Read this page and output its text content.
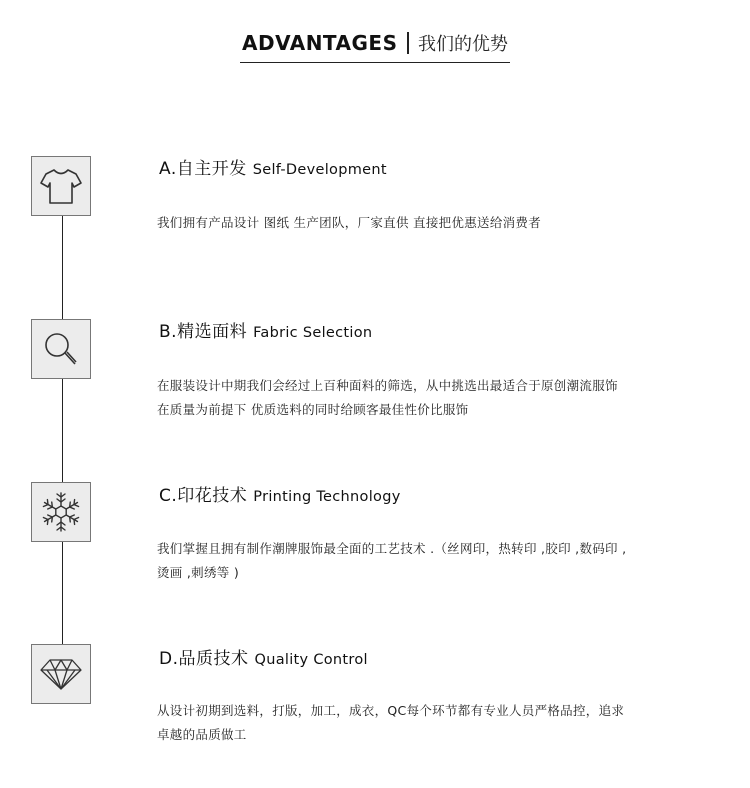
ADVANTAGES 我们的优势
A.自主开发 Self-Development
我们拥有产品设计 图纸 生产团队，厂家直供 直接把优惠送给消费者
B.精选面料 Fabric Selection
在服装设计中期我们会经过上百种面料的筛选，从中挑选出最适合于原创潮流服饰
在质量为前提下 优质选料的同时给顾客最佳性价比服饰
C.印花技术 Printing Technology
我们掌握且拥有制作潮牌服饰最全面的工艺技术 .（丝网印，热转印 ,胶印 ,数码印 ,
烫画 ,刺绣等 )
D.品质技术 Quality Control
从设计初期到选料，打版，加工，成衣，QC每个环节都有专业人员严格品控，追求
卓越的品质做工
